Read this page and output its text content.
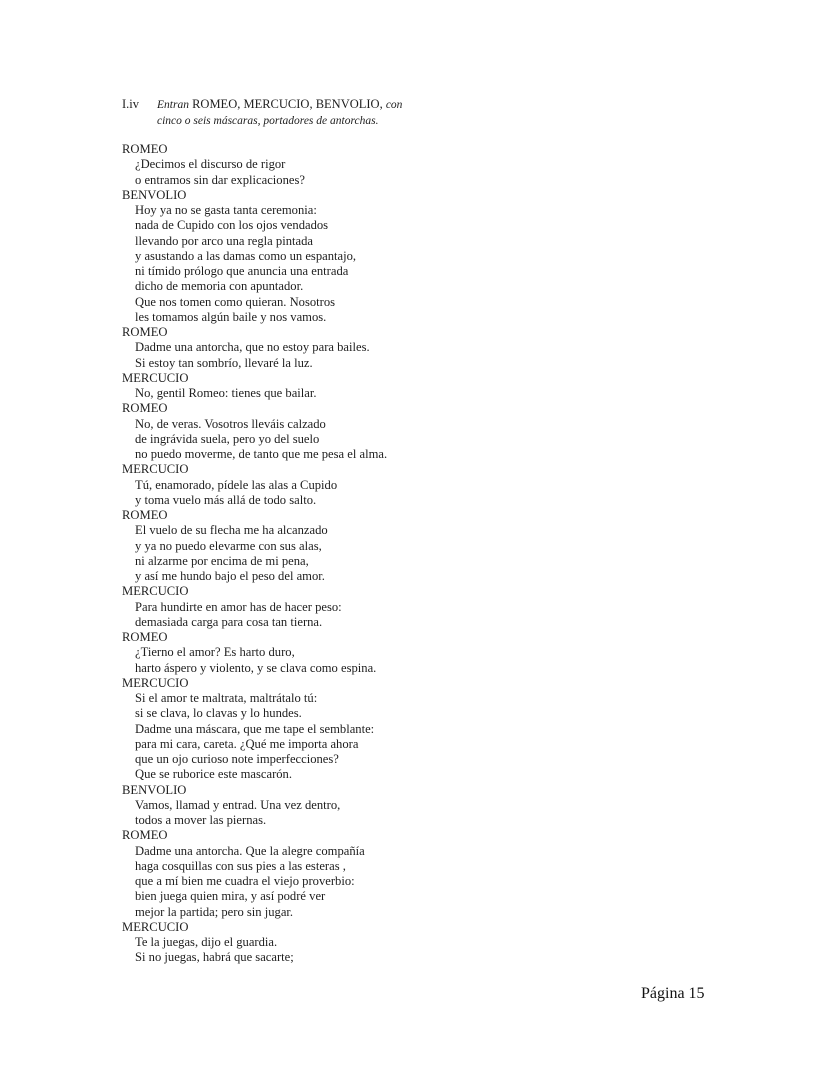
I.iv Entran ROMEO, MERCUCIO, BENVOLIO, con
cinco o seis máscaras, portadores de antorchas.
ROMEO
¿Decimos el discurso de rigor
o entramos sin dar explicaciones?
BENVOLIO
Hoy ya no se gasta tanta ceremonia:
nada de Cupido con los ojos vendados
llevando por arco una regla pintada
y asustando a las damas como un espantajo,
ni tímido prólogo que anuncia una entrada
dicho de memoria con apuntador.
Que nos tomen como quieran. Nosotros
les tomamos algún baile y nos vamos.
ROMEO
Dadme una antorcha, que no estoy para bailes.
Si estoy tan sombrío, llevaré la luz.
MERCUCIO
No, gentil Romeo: tienes que bailar.
ROMEO
No, de veras. Vosotros lleváis calzado
de ingrávida suela, pero yo del suelo
no puedo moverme, de tanto que me pesa el alma.
MERCUCIO
Tú, enamorado, pídele las alas a Cupido
y toma vuelo más allá de todo salto.
ROMEO
El vuelo de su flecha me ha alcanzado
y ya no puedo elevarme con sus alas,
ni alzarme por encima de mi pena,
y así me hundo bajo el peso del amor.
MERCUCIO
Para hundirte en amor has de hacer peso:
demasiada carga para cosa tan tierna.
ROMEO
¿Tierno el amor? Es harto duro,
harto áspero y violento, y se clava como espina.
MERCUCIO
Si el amor te maltrata, maltrátalo tú:
si se clava, lo clavas y lo hundes.
Dadme una máscara, que me tape el semblante:
para mi cara, careta. ¿Qué me importa ahora
que un ojo curioso note imperfecciones?
Que se ruborice este mascarón.
BENVOLIO
Vamos, llamad y entrad. Una vez dentro,
todos a mover las piernas.
ROMEO
Dadme una antorcha. Que la alegre compañía
haga cosquillas con sus pies a las esteras ,
que a mí bien me cuadra el viejo proverbio:
bien juega quien mira, y así podré ver
mejor la partida; pero sin jugar.
MERCUCIO
Te la juegas, dijo el guardia.
Si no juegas, habrá que sacarte;
Página 15
